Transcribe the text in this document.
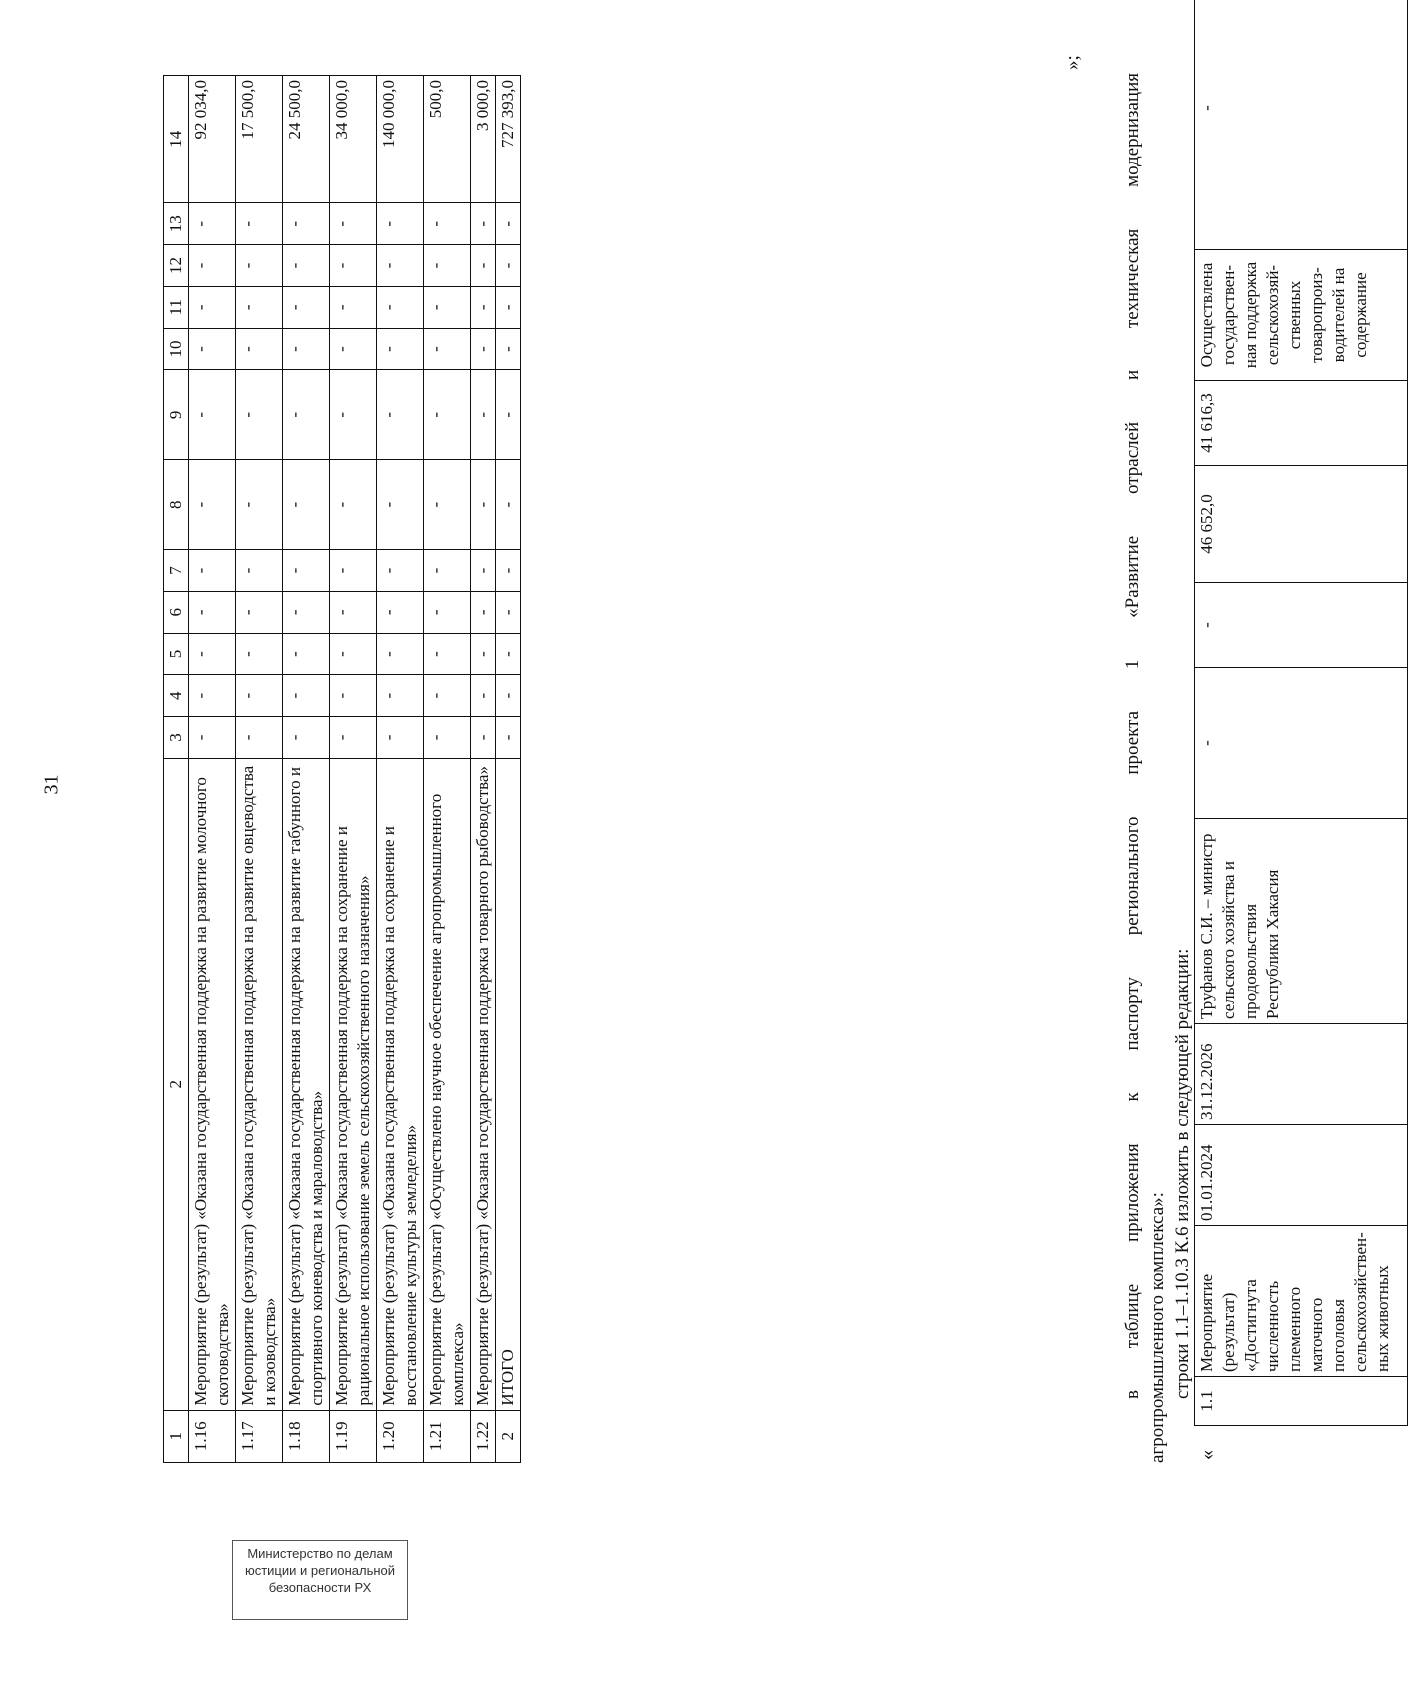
31
Министерство по делам юстиции и региональной безопасности РХ
1	2	3	4	5	6	7	8	9	10	11	12	13	14
1.16	Мероприятие (результат) «Оказана государственная поддержка на развитие молочного скотоводства»	-	-	-	-	-	-	-	-	-	-	-	92 034,0
1.17	Мероприятие (результат) «Оказана государственная поддержка на развитие овцеводства и козоводства»	-	-	-	-	-	-	-	-	-	-	-	17 500,0
1.18	Мероприятие (результат) «Оказана государственная поддержка на развитие табунного и спортивного коневодства и мараловодства»	-	-	-	-	-	-	-	-	-	-	-	24 500,0
1.19	Мероприятие (результат) «Оказана государственная поддержка на сохранение и рациональное использование земель сельскохозяйственного назначения»	-	-	-	-	-	-	-	-	-	-	-	34 000,0
1.20	Мероприятие (результат) «Оказана государственная поддержка на сохранение и восстановление культуры земледелия»	-	-	-	-	-	-	-	-	-	-	-	140 000,0
1.21	Мероприятие (результат) «Осуществлено научное обеспечение агропромышленного комплекса»	-	-	-	-	-	-	-	-	-	-	-	500,0
1.22	Мероприятие (результат) «Оказана государственная поддержка товарного рыбоводства»	-	-	-	-	-	-	-	-	-	-	-	3 000,0
2	ИТОГО	-	-	-	-	-	-	-	-	-	-	-	727 393,0
»;
в таблице приложения к паспорту регионального проекта 1 «Развитие отраслей и техническая модернизация агропромышленного комплекса»: строки 1.1–1.10.3 К.6 изложить в следующей редакции:
«
1.1	Мероприятие (результат) «Достигнута численность племенного маточного поголовья сельскохозяйствен-ных животных	01.01.2024	31.12.2026	Труфанов С.И. – министр сельского хозяйства и продовольствия Республики Хакасия	-	-	46 652,0	41 616,3	Осуществлена государствен-ная поддержка сельскохозяй-ственных товаропроиз-водителей на содержание	-
